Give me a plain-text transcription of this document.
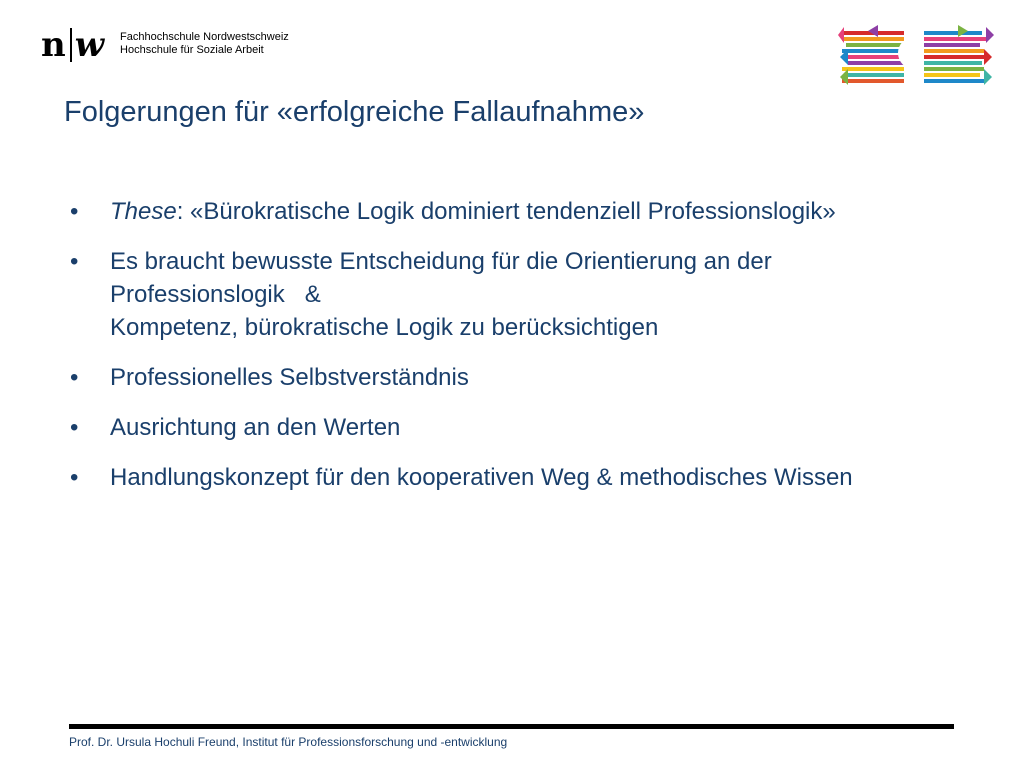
n w Fachhochschule Nordwestschweiz
Hochschule für Soziale Arbeit
Folgerungen für «erfolgreiche Fallaufnahme»
•	These: «Bürokratische Logik dominiert tendenziell Professionslogik»
•	Es braucht bewusste Entscheidung für die Orientierung an der
Professionslogik   &
Kompetenz, bürokratische Logik zu berücksichtigen
•	Professionelles Selbstverständnis
•	Ausrichtung an den Werten
•	Handlungskonzept für den kooperativen Weg & methodisches Wissen
Prof. Dr. Ursula Hochuli Freund, Institut für Professionsforschung und -entwicklung
